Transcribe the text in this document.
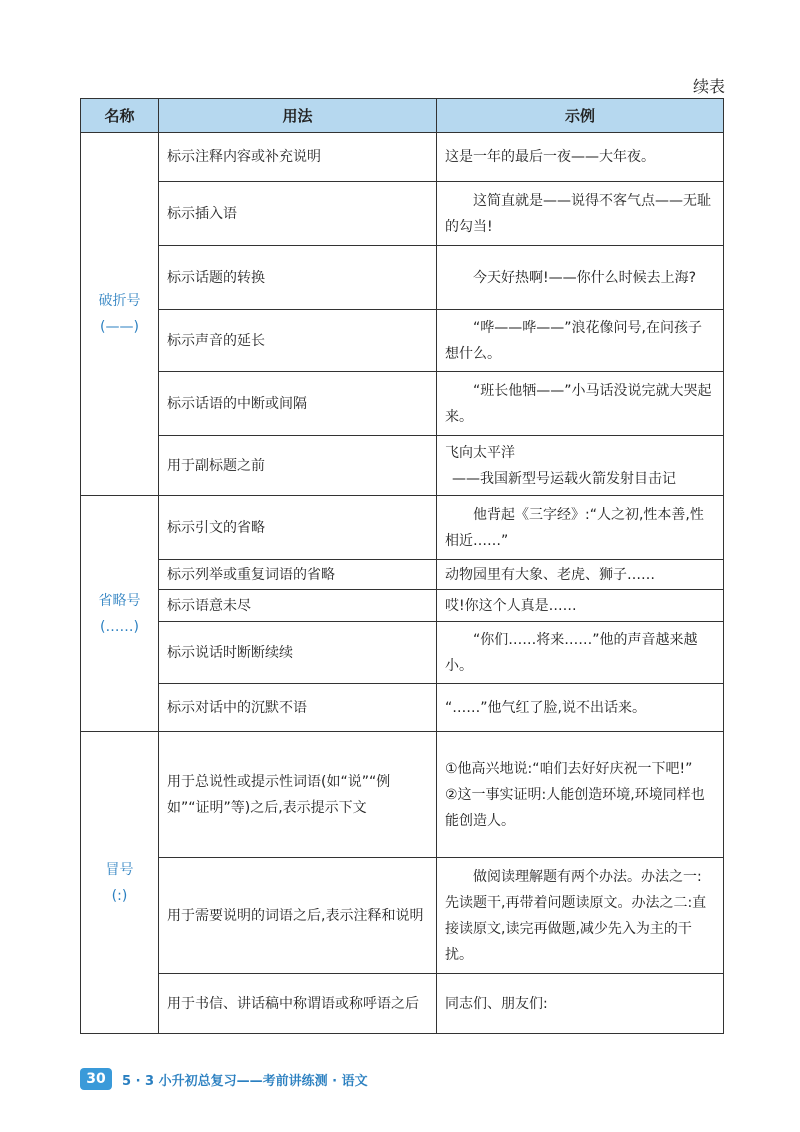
续表
名称	用法	示例

破折号
(——)	标示注释内容或补充说明	这是一年的最后一夜——大年夜。
	标示插入语	这简直就是——说得不客气点——无耻的勾当!
	标示话题的转换	今天好热啊!——你什么时候去上海?
	标示声音的延长	“哗——哗——”浪花像问号,在问孩子想什么。
	标示话语的中断或间隔	“班长他牺——”小马话没说完就大哭起来。
	用于副标题之前	飞向太平洋
——我国新型号运载火箭发射目击记

省略号
(……)	标示引文的省略	他背起《三字经》:“人之初,性本善,性相近……”
	标示列举或重复词语的省略	动物园里有大象、老虎、狮子……
	标示语意未尽	哎!你这个人真是……
	标示说话时断断续续	“你们……将来……”他的声音越来越小。
	标示对话中的沉默不语	“……”他气红了脸,说不出话来。

冒号
(:)	用于总说性或提示性词语(如“说”“例如”“证明”等)之后,表示提示下文	①他高兴地说:“咱们去好好庆祝一下吧!”
②这一事实证明:人能创造环境,环境同样也能创造人。

	用于需要说明的词语之后,表示注释和说明	做阅读理解题有两个办法。办法之一:先读题干,再带着问题读原文。办法之二:直接读原文,读完再做题,减少先入为主的干扰。
	用于书信、讲话稿中称谓语或称呼语之后	同志们、朋友们:
30	5 · 3 小升初总复习——考前讲练测 · 语文
